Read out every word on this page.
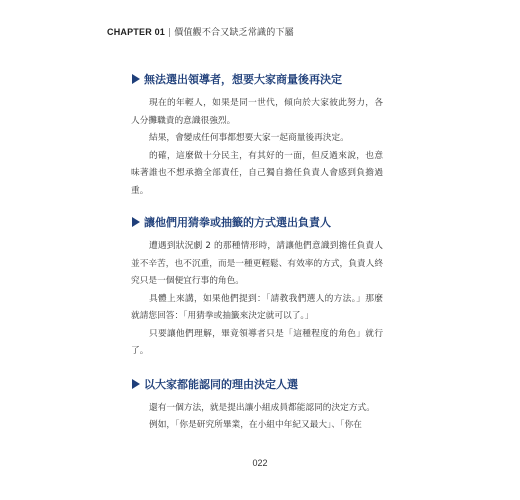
CHAPTER 01 | 價值觀不合又缺乏常識的下屬
無法選出領導者，想要大家商量後再決定

現在的年輕人，如果是同一世代，傾向於大家彼此努力，各人分攤職責的意識很強烈。

結果，會變成任何事都想要大家一起商量後再決定。

的確，這麼做十分民主，有其好的一面，但反過來說，也意味著誰也不想承擔全部責任，自己獨自擔任負責人會感到負擔過重。

讓他們用猜拳或抽籤的方式選出負責人

遭遇到狀況劇 2 的那種情形時，請讓他們意識到擔任負責人並不辛苦，也不沉重，而是一種更輕鬆、有效率的方式，負責人終究只是一個便宜行事的角色。

具體上來講，如果他們提到：「請教我們選人的方法。」那麼就請您回答：「用猜拳或抽籤來決定就可以了。」

只要讓他們理解，畢竟領導者只是「這種程度的角色」就行了。

以大家都能認同的理由決定人選

還有一個方法，就是提出讓小組成員都能認同的決定方式。

例如，「你是研究所畢業，在小組中年紀又最大」、「你在

022
